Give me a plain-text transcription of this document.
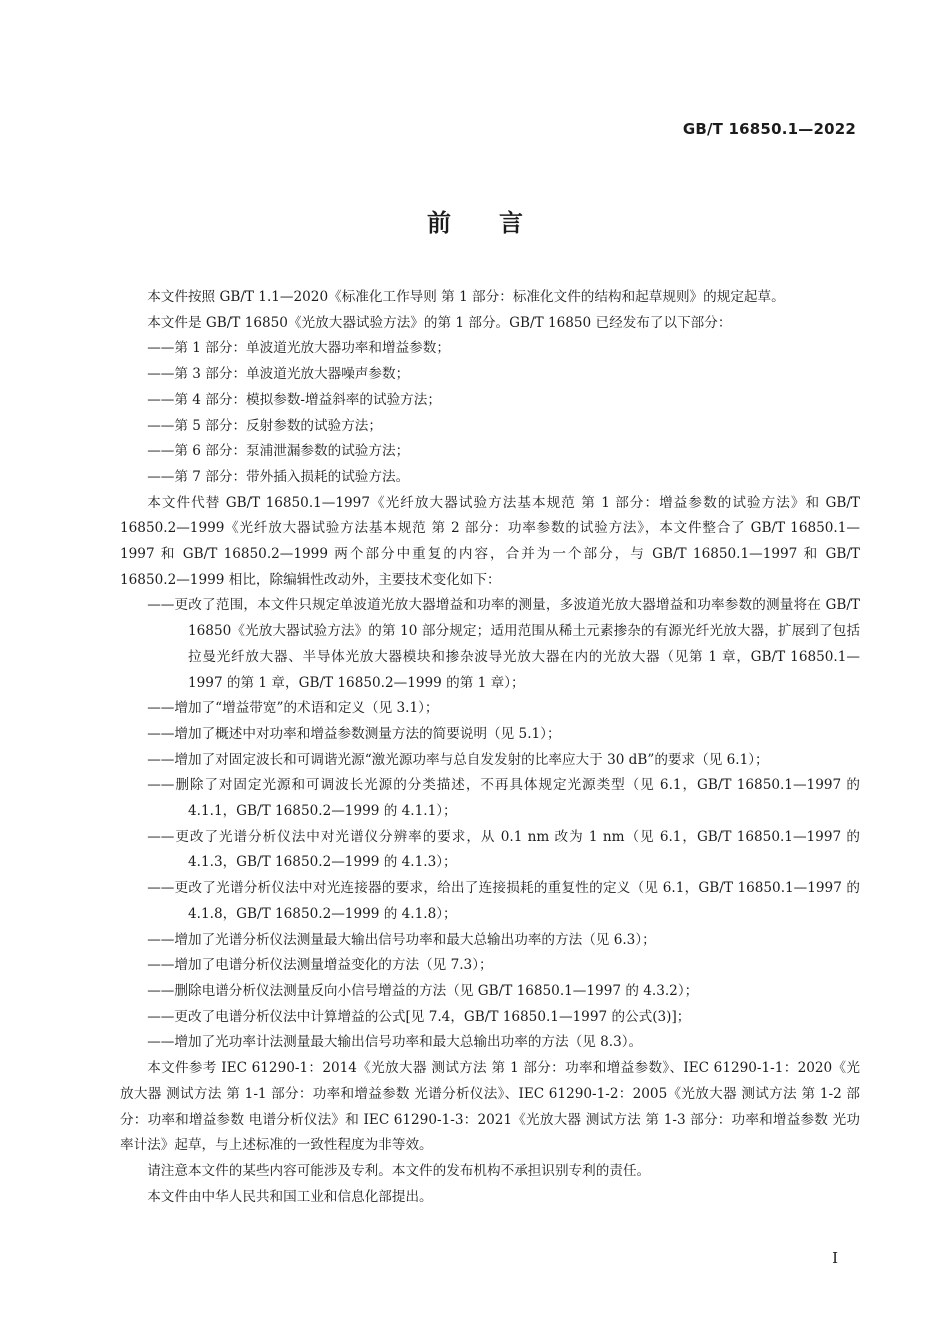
GB/T 16850.1—2022
前言

本文件按照 GB/T 1.1—2020《标准化工作导则 第 1 部分：标准化文件的结构和起草规则》的规定起草。

本文件是 GB/T 16850《光放大器试验方法》的第 1 部分。GB/T 16850 已经发布了以下部分：

——第 1 部分：单波道光放大器功率和增益参数；

——第 3 部分：单波道光放大器噪声参数；

——第 4 部分：模拟参数-增益斜率的试验方法；

——第 5 部分：反射参数的试验方法；

——第 6 部分：泵浦泄漏参数的试验方法；

——第 7 部分：带外插入损耗的试验方法。

本文件代替 GB/T 16850.1—1997《光纤放大器试验方法基本规范 第 1 部分：增益参数的试验方法》和 GB/T 16850.2—1999《光纤放大器试验方法基本规范 第 2 部分：功率参数的试验方法》，本文件整合了 GB/T 16850.1—1997 和 GB/T 16850.2—1999 两个部分中重复的内容，合并为一个部分，与 GB/T 16850.1—1997 和 GB/T 16850.2—1999 相比，除编辑性改动外，主要技术变化如下：

——更改了范围，本文件只规定单波道光放大器增益和功率的测量，多波道光放大器增益和功率参数的测量将在 GB/T 16850《光放大器试验方法》的第 10 部分规定；适用范围从稀土元素掺杂的有源光纤光放大器，扩展到了包括拉曼光纤放大器、半导体光放大器模块和掺杂波导光放大器在内的光放大器（见第 1 章，GB/T 16850.1—1997 的第 1 章，GB/T 16850.2—1999 的第 1 章）；

——增加了“增益带宽”的术语和定义（见 3.1）；

——增加了概述中对功率和增益参数测量方法的简要说明（见 5.1）；

——增加了对固定波长和可调谐光源“激光源功率与总自发发射的比率应大于 30 dB”的要求（见 6.1）；

——删除了对固定光源和可调波长光源的分类描述，不再具体规定光源类型（见 6.1，GB/T 16850.1—1997 的 4.1.1，GB/T 16850.2—1999 的 4.1.1）；

——更改了光谱分析仪法中对光谱仪分辨率的要求，从 0.1 nm 改为 1 nm（见 6.1，GB/T 16850.1—1997 的 4.1.3，GB/T 16850.2—1999 的 4.1.3）；

——更改了光谱分析仪法中对光连接器的要求，给出了连接损耗的重复性的定义（见 6.1，GB/T 16850.1—1997 的 4.1.8，GB/T 16850.2—1999 的 4.1.8）；

——增加了光谱分析仪法测量最大输出信号功率和最大总输出功率的方法（见 6.3）；

——增加了电谱分析仪法测量增益变化的方法（见 7.3）；

——删除电谱分析仪法测量反向小信号增益的方法（见 GB/T 16850.1—1997 的 4.3.2）；

——更改了电谱分析仪法中计算增益的公式[见 7.4，GB/T 16850.1—1997 的公式(3)]；

——增加了光功率计法测量最大输出信号功率和最大总输出功率的方法（见 8.3）。

本文件参考 IEC 61290-1：2014《光放大器 测试方法 第 1 部分：功率和增益参数》、IEC 61290-1-1：2020《光放大器 测试方法 第 1-1 部分：功率和增益参数 光谱分析仪法》、IEC 61290-1-2：2005《光放大器 测试方法 第 1-2 部分：功率和增益参数 电谱分析仪法》和 IEC 61290-1-3：2021《光放大器 测试方法 第 1-3 部分：功率和增益参数 光功率计法》起草，与上述标准的一致性程度为非等效。

请注意本文件的某些内容可能涉及专利。本文件的发布机构不承担识别专利的责任。

本文件由中华人民共和国工业和信息化部提出。

I
